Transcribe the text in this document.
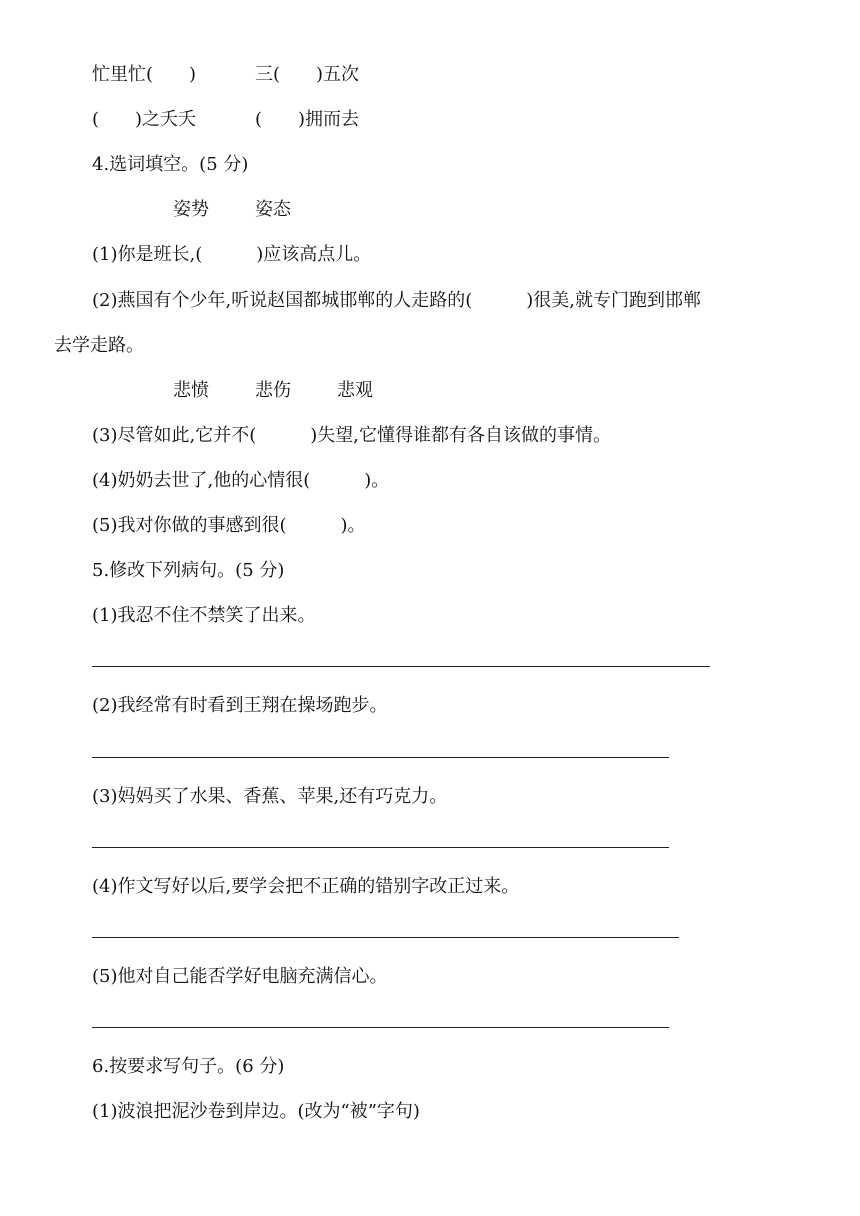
忙里忙(　　)	三(　　)五次
(　　)之夭夭	(　　)拥而去
4.选词填空。(5 分)
姿势	姿态
(1)你是班长,(　　　)应该高点儿。
(2)燕国有个少年,听说赵国都城邯郸的人走路的(　　　)很美,就专门跑到邯郸
去学走路。
悲愤	悲伤	悲观
(3)尽管如此,它并不(　　　)失望,它懂得谁都有各自该做的事情。
(4)奶奶去世了,他的心情很(　　　)。
(5)我对你做的事感到很(　　　)。
5.修改下列病句。(5 分)
(1)我忍不住不禁笑了出来。
(2)我经常有时看到王翔在操场跑步。
(3)妈妈买了水果、香蕉、苹果,还有巧克力。
(4)作文写好以后,要学会把不正确的错别字改正过来。
(5)他对自己能否学好电脑充满信心。
6.按要求写句子。(6 分)
(1)波浪把泥沙卷到岸边。(改为“被”字句)
